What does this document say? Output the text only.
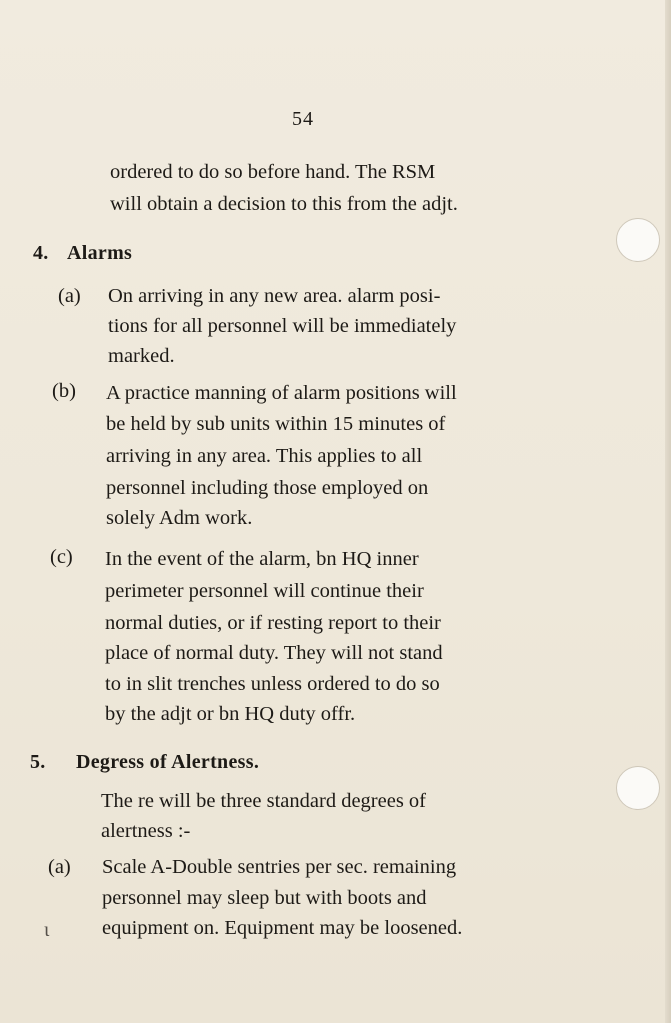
54
ordered to do so before hand. The RSM
will obtain a decision to this from the adjt.
4. Alarms
(a) On arriving in any new area. alarm posi-
tions for all personnel will be immediately
marked.
(b) A practice manning of alarm positions will
be held by sub units within 15 minutes of
arriving in any area. This applies to all
personnel including those employed on
solely Adm work.
(c) In the event of the alarm, bn HQ inner
perimeter personnel will continue their
normal duties, or if resting report to their
place of normal duty. They will not stand
to in slit trenches unless ordered to do so
by the adjt or bn HQ duty offr.
5. Degress of Alertness.
The re will be three standard degrees of
alertness :-
(a) Scale A-Double sentries per sec. remaining
personnel may sleep but with boots and
equipment on. Equipment may be loosened.
ɩ
